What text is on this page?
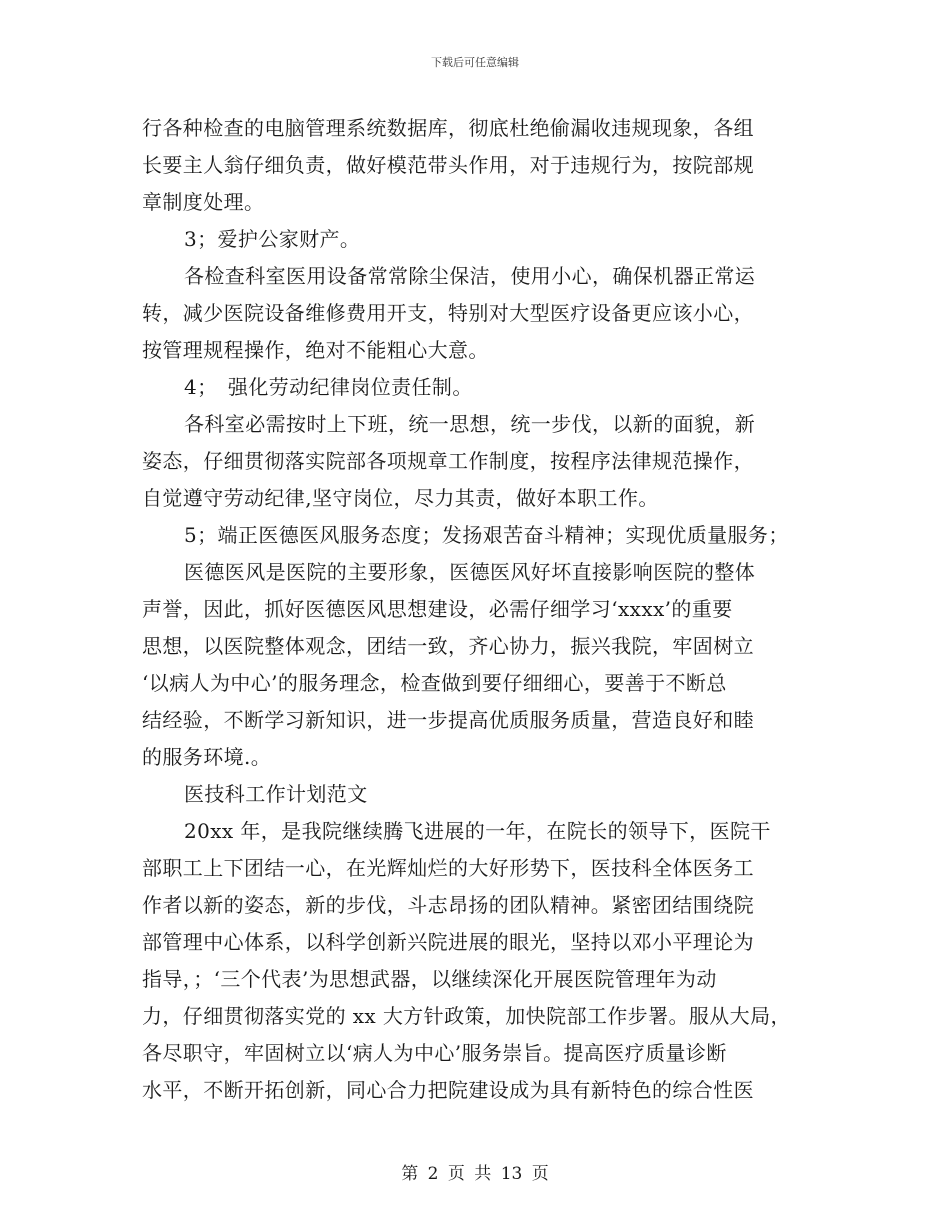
下载后可任意编辑
行各种检查的电脑管理系统数据库，彻底杜绝偷漏收违规现象，各组
长要主人翁仔细负责，做好模范带头作用，对于违规行为，按院部规
章制度处理。
3；爱护公家财产。
各检查科室医用设备常常除尘保洁，使用小心，确保机器正常运
转，减少医院设备维修费用开支，特别对大型医疗设备更应该小心，
按管理规程操作，绝对不能粗心大意。
4；　强化劳动纪律岗位责任制。
各科室必需按时上下班，统一思想，统一步伐，以新的面貌，新
姿态，仔细贯彻落实院部各项规章工作制度，按程序法律规范操作，
自觉遵守劳动纪律,坚守岗位，尽力其责，做好本职工作。
5；端正医德医风服务态度；发扬艰苦奋斗精神；实现优质量服务；
医德医风是医院的主要形象，医德医风好坏直接影响医院的整体
声誉，因此，抓好医德医风思想建设，必需仔细学习‘xxxx’的重要
思想，以医院整体观念，团结一致，齐心协力，振兴我院，牢固树立
‘以病人为中心’的服务理念，检查做到要仔细细心，要善于不断总
结经验，不断学习新知识，进一步提高优质服务质量，营造良好和睦
的服务环境.。
医技科工作计划范文
20xx 年，是我院继续腾飞进展的一年，在院长的领导下，医院干
部职工上下团结一心，在光辉灿烂的大好形势下，医技科全体医务工
作者以新的姿态，新的步伐，斗志昂扬的团队精神。紧密团结围绕院
部管理中心体系，以科学创新兴院进展的眼光，坚持以邓小平理论为
指导，；‘三个代表’为思想武器，以继续深化开展医院管理年为动
力，仔细贯彻落实党的 xx 大方针政策，加快院部工作步署。服从大局，
各尽职守，牢固树立以‘病人为中心’服务崇旨。提高医疗质量诊断
水平，不断开拓创新，同心合力把院建设成为具有新特色的综合性医
第 2 页 共 13 页
